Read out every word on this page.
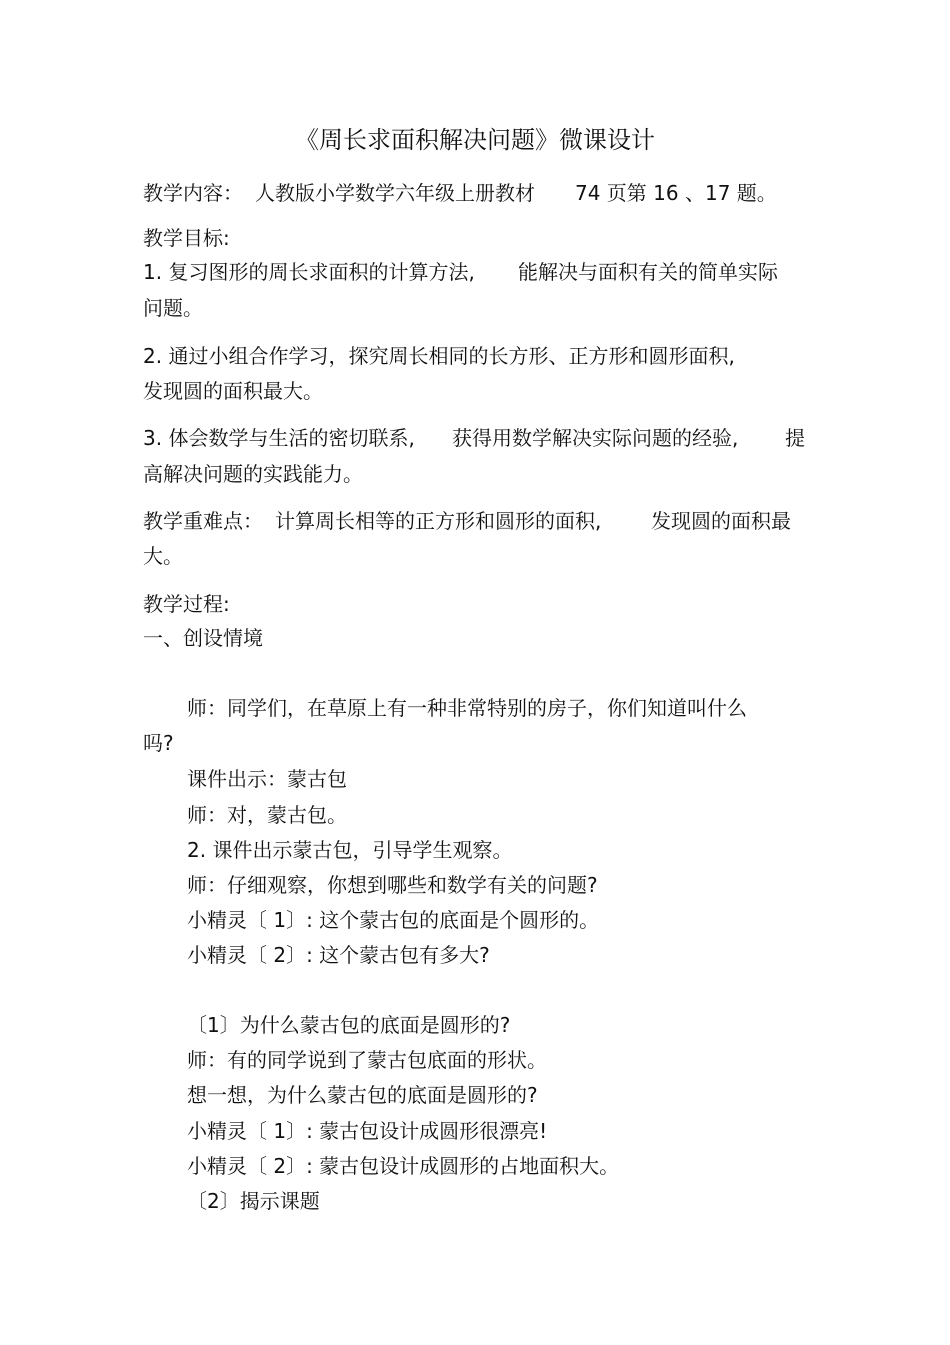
《周长求面积解决问题》微课设计

教学内容： 人教版小学数学六年级上册教材 74 页第 16 、17 题。

教学目标:

1. 复习图形的周长求面积的计算方法, 能解决与面积有关的简单实际

问题。

2. 通过小组合作学习，探究周长相同的长方形、正方形和圆形面积,

发现圆的面积最大。

3. 体会数学与生活的密切联系, 获得用数学解决实际问题的经验, 提

高解决问题的实践能力。

教学重难点： 计算周长相等的正方形和圆形的面积, 发现圆的面积最

大。

教学过程:

一、创设情境

师：同学们，在草原上有一种非常特别的房子，你们知道叫什么

吗?

课件出示：蒙古包

师：对，蒙古包。

2. 课件出示蒙古包，引导学生观察。

师：仔细观察，你想到哪些和数学有关的问题?

小精灵〔 1〕: 这个蒙古包的底面是个圆形的。

小精灵〔 2〕: 这个蒙古包有多大?

〔1〕为什么蒙古包的底面是圆形的?

师：有的同学说到了蒙古包底面的形状。

想一想，为什么蒙古包的底面是圆形的?

小精灵〔 1〕: 蒙古包设计成圆形很漂亮!

小精灵〔 2〕: 蒙古包设计成圆形的占地面积大。

〔2〕揭示课题
